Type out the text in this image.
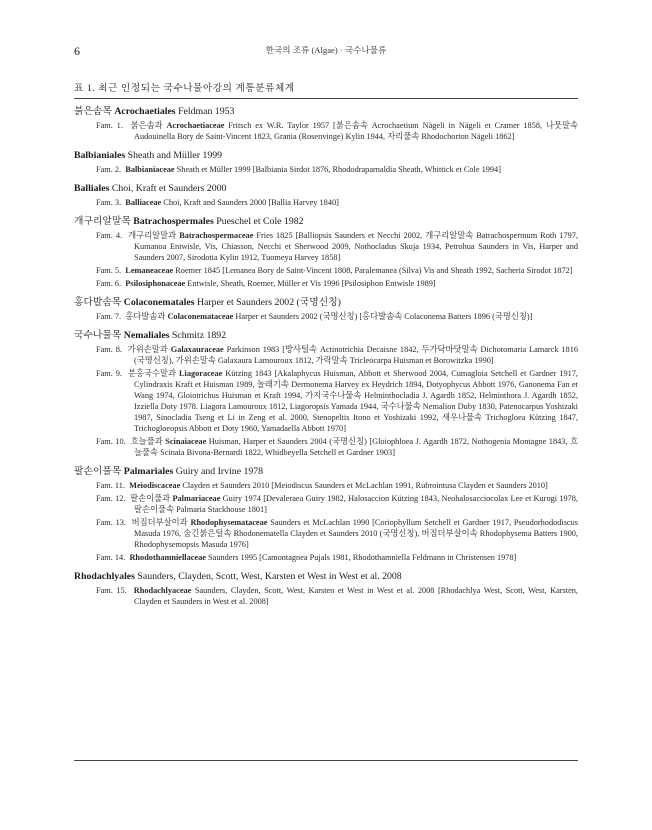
6	한국의 조류 (Algae) · 국수나물류
표 1. 최근 인정되는 국수나물아강의 계통분류체계
붉은솜목 Acrochaetiales Feldman 1953
Fam. 1. 붉은솜과 Acrochaetiaceae Fritsch ex W.R. Taylor 1957 [붉은솜속 Acrochaetium Nägeli in Nägeli et Cramer 1858, 나뭇말속 Audouinella Bory de Saint-Vincent 1823, Grania (Rosenvinge) Kylin 1944, 자리풀속 Rhodochorton Nägeli 1862]
Balbianiales Sheath and Müller 1999
Fam. 2. Balbianiaceae Sheath et Müller 1999 [Balbiania Sirdot 1876, Rhododraparnaldia Sheath, Whittick et Cole 1994]
Balliales Choi, Kraft et Saunders 2000
Fam. 3. Balliaceae Choi, Kraft and Saunders 2000 [Ballia Harvey 1840]
개구리알말목 Batrachospermales Pueschel et Cole 1982
Fam. 4. 개구리알말과 Batrachospermaceae Fries 1825 [Balliopsis Saunders et Necchi 2002, 개구리알말속 Batrachospermum Roth 1797, Kumanoa Entwisle, Vis, Chiasson, Necchi et Sherwood 2009, Nothocladus Skuja 1934, Petrohua Saunders in Vis, Harper and Saunders 2007, Sirodotia Kylin 1912, Tuomeya Harvey 1858]
Fam. 5. Lemaneaceae Roemer 1845 [Lemanea Bory de Saint-Vincent 1808, Paralemanea (Silva) Vis and Sheath 1992, Sacheria Sirodot 1872]
Fam. 6. Psilosiphonaceae Entwisle, Sheath, Roemer, Müller et Vis 1996 [Psilosiphon Entwisle 1989]
홍다발솜목 Colaconematales Harper et Saunders 2002 (국명신칭)
Fam. 7. 홍다발솜과 Colaconemataceae Harper et Saunders 2002 (국명신칭) [홍다발솜속 Colaconema Batters 1896 (국명신칭)]
국수나물목 Nemaliales Schmitz 1892
Fam. 8. 가위손말과 Galaxauraceae Parkinson 1983 [방사털속 Actinotrichia Decaisne 1842, 두가닥바닷말속 Dichotomaria Lamarck 1816 (국명신칭), 가위손말속 Galaxaura Lamouroux 1812, 가락말속 Tricleocarpa Huisman et Borowitzka 1990]
Fam. 9. 분홍국수말과 Liagoraceae Kützing 1843 [Akalaphycus Huisman, Abbott et Sherwood 2004, Cumagloia Setchell et Gardner 1917, Cylindraxis Kraft et Huisman 1989, 놀래기속 Dermonema Harvey ex Heydrich 1894, Dotyophycus Abbott 1976, Ganonema Fan et Wang 1974, Gloiotrichus Huisman et Kraft 1994, 가지국수나물속 Helminthocladia J. Agardh 1852, Helminthora J. Agardh 1852, Izziella Doty 1978. Liagora Lamouroux 1812, Liagoropsis Yamada 1944, 국수나물속 Nemalion Duby 1830, Patenocarpus Yoshizaki 1987, Sinocladia Tseng et Li in Zeng et al. 2000, Stenopeltis Itono et Yoshizaki 1992, 새우나물속 Trichogloea Kützing 1847, Trichogloeopsis Abbott et Doty 1960, Yamadaella Abbott 1970]
Fam. 10. 흐늘풀과 Scinaiaceae Huisman, Harper et Saunders 2004 (국명신칭) [Gloiophloea J. Agardh 1872, Nothogenia Montagne 1843, 흐늘풀속 Scinaia Bivona-Bernardi 1822, Whidbeyella Setchell et Gardner 1903]
팔손이풀목 Palmariales Guiry and Irvine 1978
Fam. 11. Meiodiscaceae Clayden et Saunders 2010 [Meiodiscus Saunders et McLachlan 1991, Rubrointusa Clayden et Saunders 2010]
Fam. 12. 팔손이풀과 Palmariaceae Guiry 1974 [Devaleraea Guiry 1982, Halosaccion Kützing 1843, Neohalosacciocolax Lee et Kurogi 1978, 팔손이풀속 Palmaria Stackhouse 1801]
Fam. 13. 버짐더부살이과 Rhodophysemataceae Saunders et McLachlan 1990 [Coriophyllum Setchell et Gardner 1917, Pseudorhododiscus Masuda 1976, 숨긴붉은털속 Rhodonematella Clayden et Saunders 2010 (국명신칭), 버짐더부살이속 Rhodophysema Batters 1900, Rhodophysemopsis Masuda 1976]
Fam. 14. Rhodothamniellaceae Saunders 1995 [Camontagnea Pujals 1981, Rhodothamniella Feldmann in Christensen 1978]
Rhodachlyales Saunders, Clayden, Scott, West, Karsten et West in West et al. 2008
Fam. 15. Rhodachlyaceae Saunders, Clayden, Scott, West, Karsten et West in West et al. 2008 [Rhodachlya West, Scott, West, Karsten, Clayden et Saunders in West et al. 2008]
